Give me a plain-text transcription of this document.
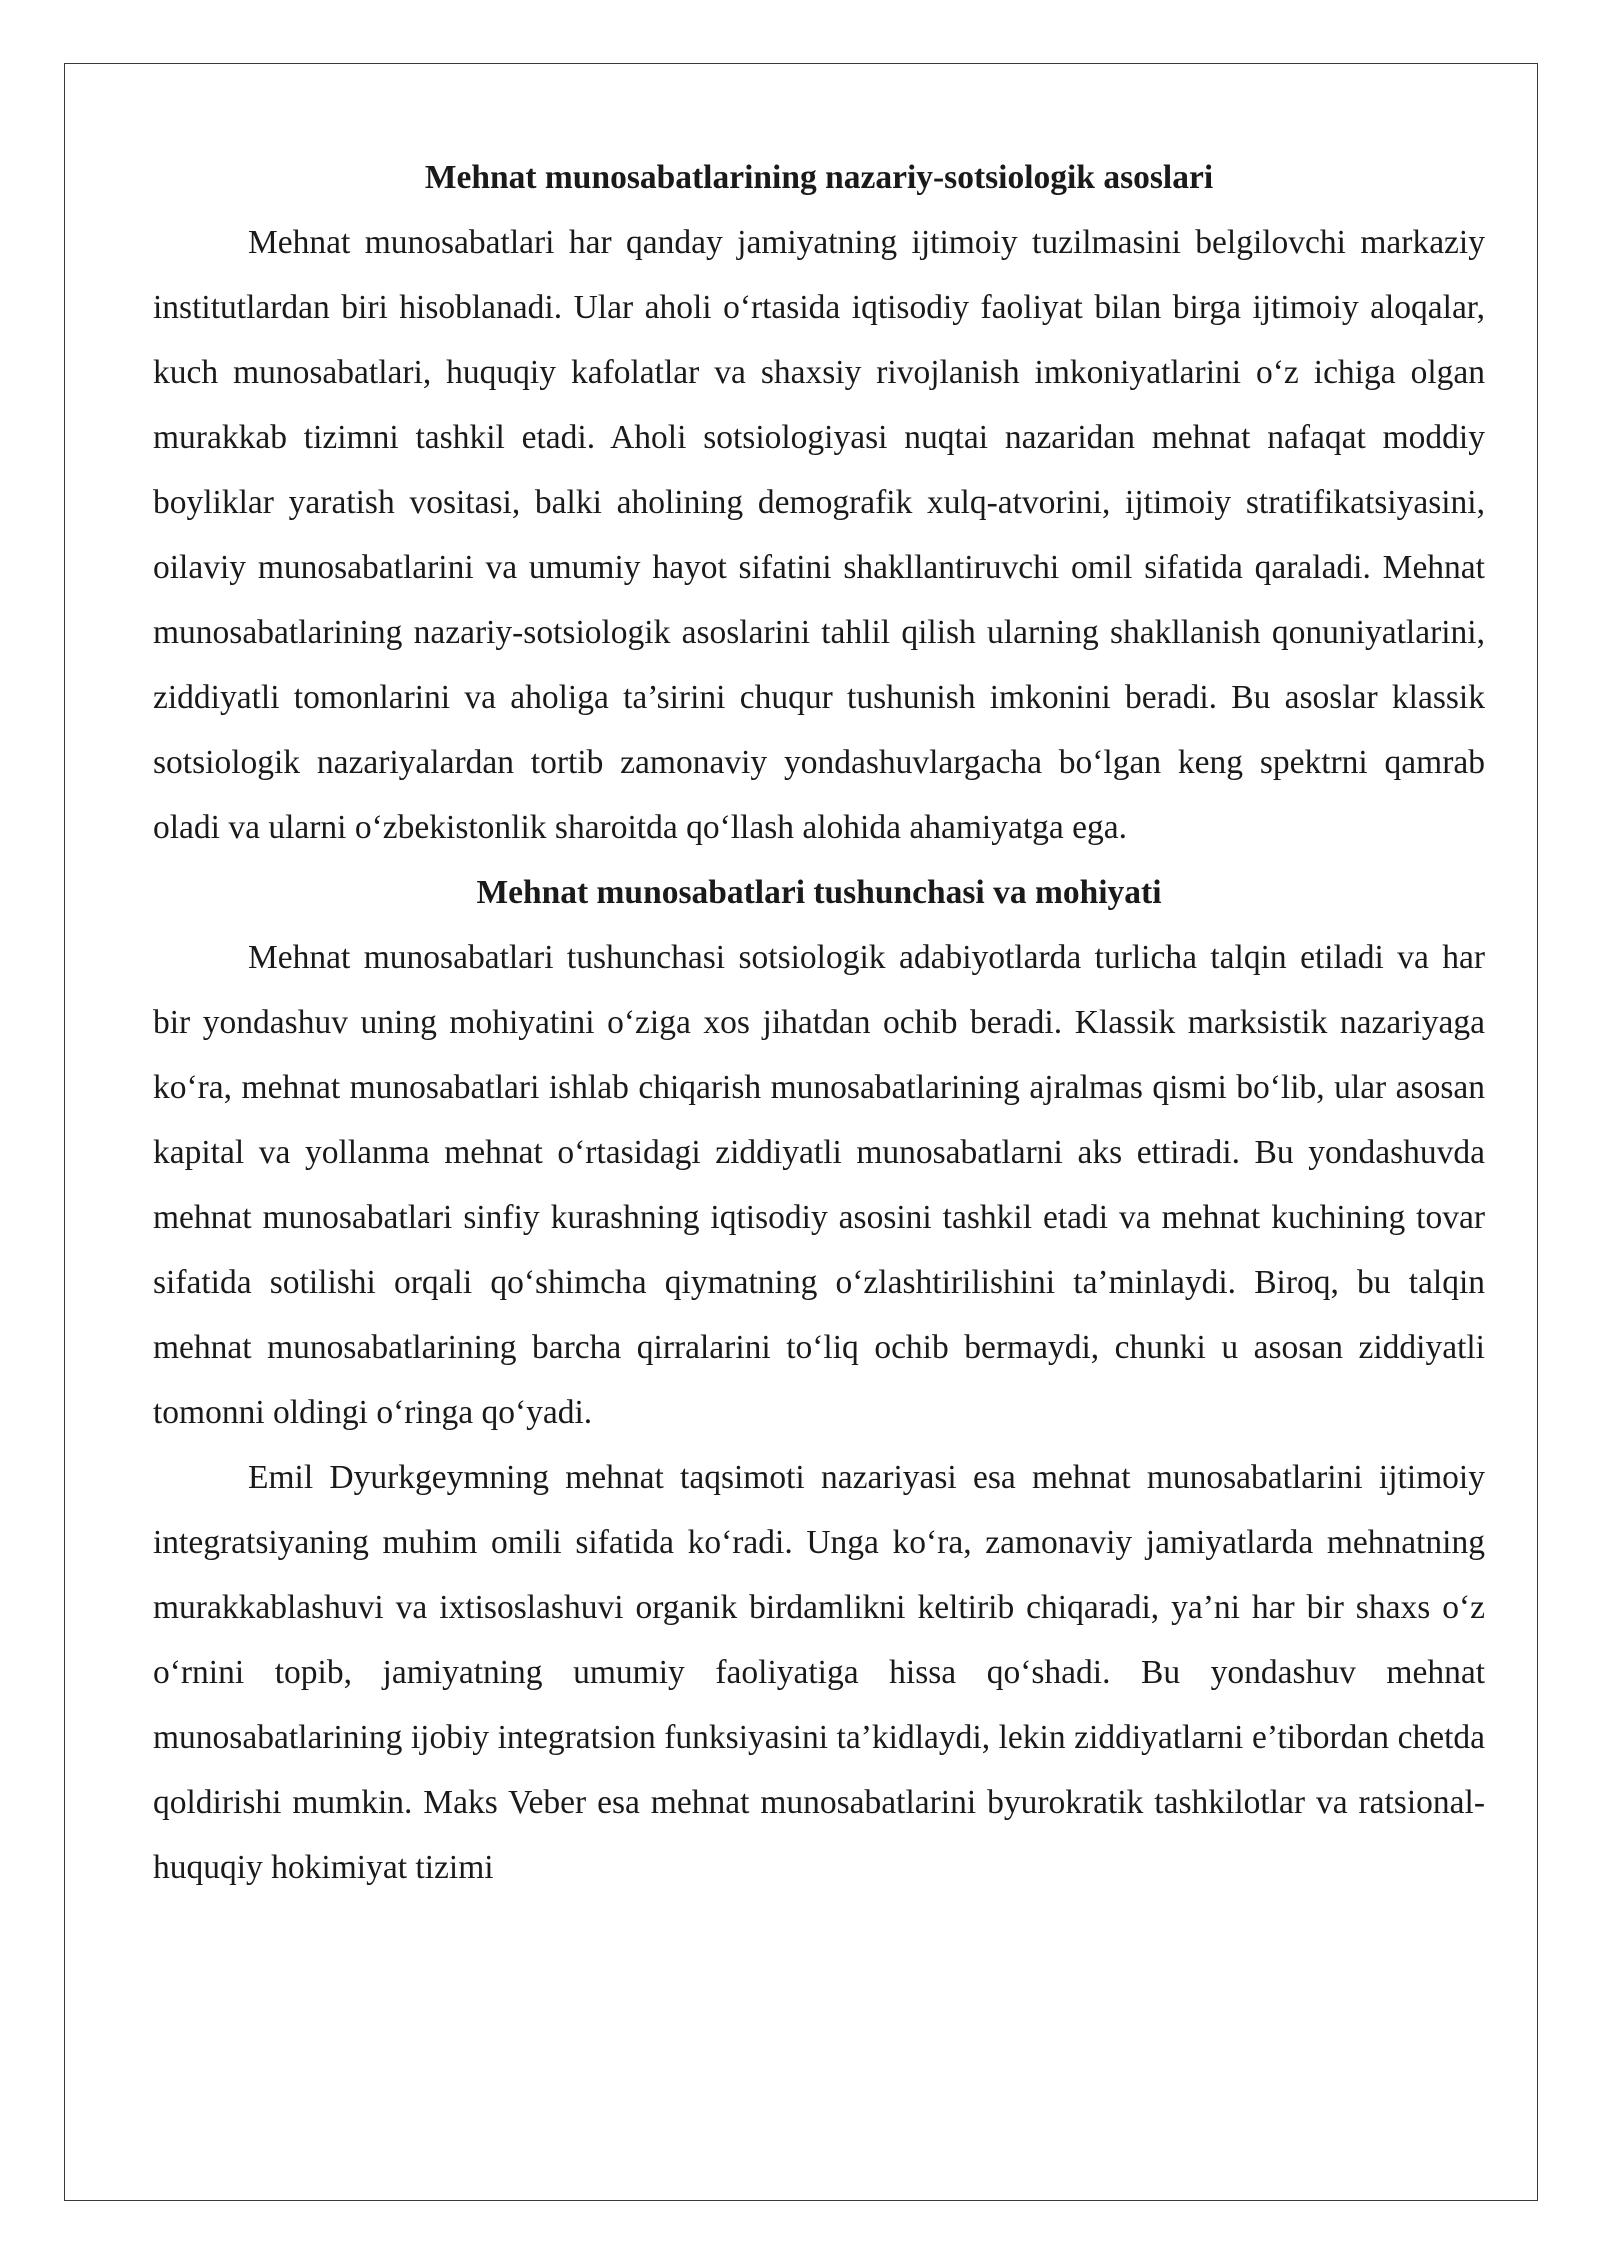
Mehnat munosabatlarining nazariy-sotsiologik asoslari

Mehnat munosabatlari har qanday jamiyatning ijtimoiy tuzilmasini belgilovchi markaziy institutlardan biri hisoblanadi. Ular aholi o‘rtasida iqtisodiy faoliyat bilan birga ijtimoiy aloqalar, kuch munosabatlari, huquqiy kafolatlar va shaxsiy rivojlanish imkoniyatlarini o‘z ichiga olgan murakkab tizimni tashkil etadi. Aholi sotsiologiyasi nuqtai nazaridan mehnat nafaqat moddiy boyliklar yaratish vositasi, balki aholining demografik xulq-atvorini, ijtimoiy stratifikatsiyasini, oilaviy munosabatlarini va umumiy hayot sifatini shakllantiruvchi omil sifatida qaraladi. Mehnat munosabatlarining nazariy-sotsiologik asoslarini tahlil qilish ularning shakllanish qonuniyatlarini, ziddiyatli tomonlarini va aholiga ta’sirini chuqur tushunish imkonini beradi. Bu asoslar klassik sotsiologik nazariyalardan tortib zamonaviy yondashuvlargacha bo‘lgan keng spektrni qamrab oladi va ularni o‘zbekistonlik sharoitda qo‘llash alohida ahamiyatga ega.

Mehnat munosabatlari tushunchasi va mohiyati

Mehnat munosabatlari tushunchasi sotsiologik adabiyotlarda turlicha talqin etiladi va har bir yondashuv uning mohiyatini o‘ziga xos jihatdan ochib beradi. Klassik marksistik nazariyaga ko‘ra, mehnat munosabatlari ishlab chiqarish munosabatlarining ajralmas qismi bo‘lib, ular asosan kapital va yollanma mehnat o‘rtasidagi ziddiyatli munosabatlarni aks ettiradi. Bu yondashuvda mehnat munosabatlari sinfiy kurashning iqtisodiy asosini tashkil etadi va mehnat kuchining tovar sifatida sotilishi orqali qo‘shimcha qiymatning o‘zlashtirilishini ta’minlaydi. Biroq, bu talqin mehnat munosabatlarining barcha qirralarini to‘liq ochib bermaydi, chunki u asosan ziddiyatli tomonni oldingi o‘ringa qo‘yadi.

Emil Dyurkgeymning mehnat taqsimoti nazariyasi esa mehnat munosabatlarini ijtimoiy integratsiyaning muhim omili sifatida ko‘radi. Unga ko‘ra, zamonaviy jamiyatlarda mehnatning murakkablashuvi va ixtisoslashuvi organik birdamlikni keltirib chiqaradi, ya’ni har bir shaxs o‘z o‘rnini topib, jamiyatning umumiy faoliyatiga hissa qo‘shadi. Bu yondashuv mehnat munosabatlarining ijobiy integratsion funksiyasini ta’kidlaydi, lekin ziddiyatlarni e’tibordan chetda qoldirishi mumkin. Maks Veber esa mehnat munosabatlarini byurokratik tashkilotlar va ratsional-huquqiy hokimiyat tizimi
